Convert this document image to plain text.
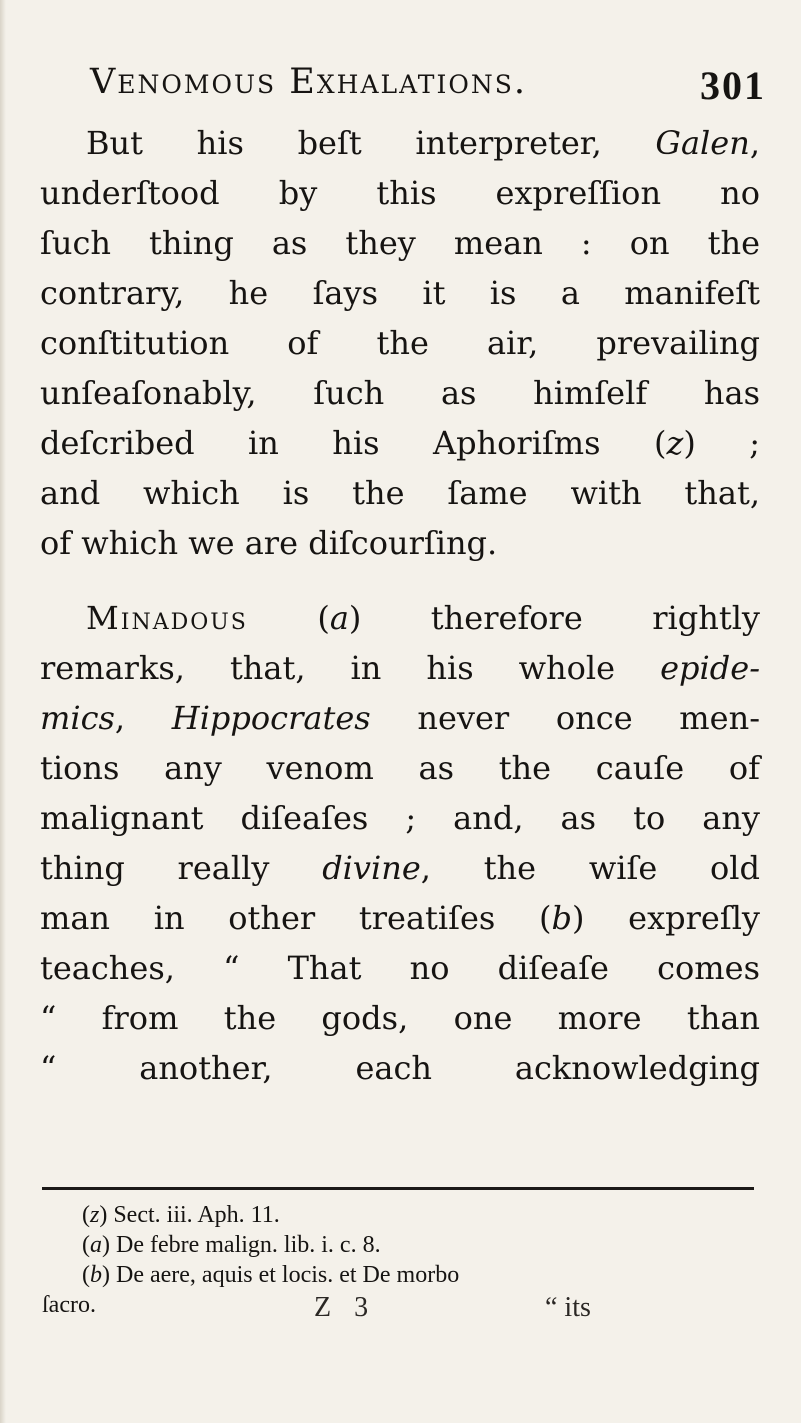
Venomous Exhalations.	301
But his beſt interpreter, Galen,
underſtood by this expreſſion no
ſuch thing as they mean : on the
contrary, he ſays it is a manifeſt
conſtitution of the air, prevailing
unſeaſonably, ſuch as himſelf has
deſcribed in his Aphoriſms (z) ;
and which is the ſame with that,
of which we are diſcourſing.
Minadous (a) therefore rightly
remarks, that, in his whole epide-
mics, Hippocrates never once men-
tions any venom as the cauſe of
malignant diſeaſes ; and, as to any
thing really divine, the wiſe old
man in other treatiſes (b) expreſly
teaches, “ That no diſeaſe comes
“ from the gods, one more than
“ another, each acknowledging
(z) Sect. iii. Aph. 11.
(a) De febre malign. lib. i. c. 8.
(b) De aere, aquis et locis. et De morbo
ſacro.	Z 3	“ its
